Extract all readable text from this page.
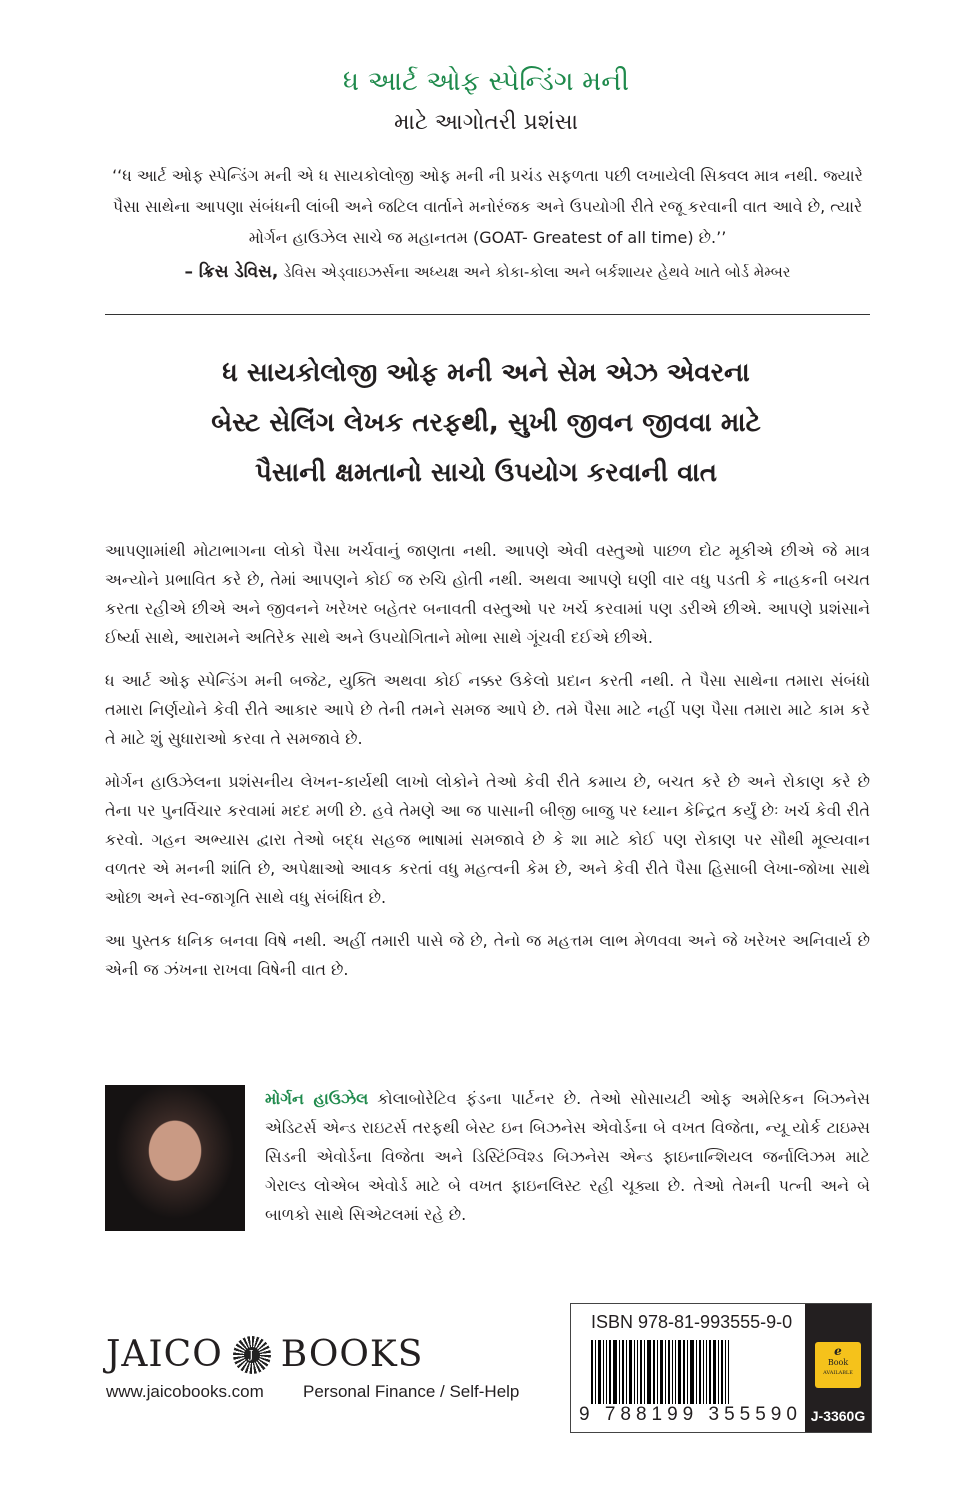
ધ આર્ટ ઓફ સ્પેન્ડિંગ મની
માટે આગોતરી પ્રશંસા
‘‘ધ આર્ટ ઓફ સ્પેન્ડિંગ મની એ ધ સાયકોલોજી ઓફ મની ની પ્રચંડ સફળતા પછી લખાયેલી સિક્વલ માત્ર નથી. જ્યારે પૈસા સાથેના આપણા સંબંધની લાંબી અને જટિલ વાર્તાને મનોરંજક અને ઉપયોગી રીતે રજૂ કરવાની વાત આવે છે, ત્યારે મોર્ગન હાઉઝેલ સાચે જ મહાનતમ (GOAT- Greatest of all time) છે.’’
– ક્રિસ ડેવિસ, ડેવિસ એડ્વાઇઝર્સના અધ્યક્ષ અને કોકા-કોલા અને બર્કશાયર હેથવે ખાતે બોર્ડ મેમ્બર
ધ સાયકોલોજી ઓફ મની અને સેમ એઝ એવરના
બેસ્ટ સેલિંગ લેખક તરફથી, સુખી જીવન જીવવા માટે
પૈસાની ક્ષમતાનો સાચો ઉપયોગ કરવાની વાત

આપણામાંથી મોટાભાગના લોકો પૈસા ખર્ચવાનું જાણતા નથી. આપણે એવી વસ્તુઓ પાછળ દોટ મૂકીએ છીએ જે માત્ર અન્યોને પ્રભાવિત કરે છે, તેમાં આપણને કોઈ જ રુચિ હોતી નથી. અથવા આપણે ઘણી વાર વધુ પડતી કે નાહકની બચત કરતા રહીએ છીએ અને જીવનને ખરેખર બહેતર બનાવતી વસ્તુઓ પર ખર્ચ કરવામાં પણ ડરીએ છીએ. આપણે પ્રશંસાને ઈર્ષ્યા સાથે, આરામને અતિરેક સાથે અને ઉપયોગિતાને મોભા સાથે ગૂંચવી દઈએ છીએ.

ધ આર્ટ ઓફ સ્પેન્ડિંગ મની બજેટ, યુક્તિ અથવા કોઈ નક્કર ઉકેલો પ્રદાન કરતી નથી. તે પૈસા સાથેના તમારા સંબંધો તમારા નિર્ણયોને કેવી રીતે આકાર આપે છે તેની તમને સમજ આપે છે. તમે પૈસા માટે નહીં પણ પૈસા તમારા માટે કામ કરે તે માટે શું સુધારાઓ કરવા તે સમજાવે છે.

મોર્ગન હાઉઝેલના પ્રશંસનીય લેખન-કાર્યથી લાખો લોકોને તેઓ કેવી રીતે કમાય છે, બચત કરે છે અને રોકાણ કરે છે તેના પર પુનર્વિચાર કરવામાં મદદ મળી છે. હવે તેમણે આ જ પાસાની બીજી બાજુ પર ધ્યાન કેન્દ્રિત કર્યું છેઃ ખર્ચ કેવી રીતે કરવો. ગહન અભ્યાસ દ્વારા તેઓ બદ્ધ સહજ ભાષામાં સમજાવે છે કે શા માટે કોઈ પણ રોકાણ પર સૌથી મૂલ્યવાન વળતર એ મનની શાંતિ છે, અપેક્ષાઓ આવક કરતાં વધુ મહત્વની કેમ છે, અને કેવી રીતે પૈસા હિસાબી લેખા-જોખા સાથે ઓછા અને સ્વ-જાગૃતિ સાથે વધુ સંબંધિત છે.

આ પુસ્તક ધનિક બનવા વિષે નથી. અહીં તમારી પાસે જે છે, તેનો જ મહત્તમ લાભ મેળવવા અને જે ખરેખર અનિવાર્ય છે એની જ ઝંખના રાખવા વિષેની વાત છે.

મોર્ગન હાઉઝેલ કોલાબોરેટિવ ફંડના પાર્ટનર છે. તેઓ સોસાયટી ઓફ અમેરિકન બિઝનેસ એડિટર્સ એન્ડ રાઇટર્સ તરફથી બેસ્ટ ઇન બિઝનેસ એવોર્ડના બે વખત વિજેતા, ન્યૂ યોર્ક ટાઇમ્સ સિડની એવોર્ડના વિજેતા અને ડિસ્ટિંગ્વિશ્ડ બિઝનેસ એન્ડ ફાઇનાન્શિયલ જર્નાલિઝમ માટે ગેરાલ્ડ લોએબ એવોર્ડ માટે બે વખત ફાઇનલિસ્ટ રહી ચૂક્યા છે. તેઓ તેમની પત્ની અને બે બાળકો સાથે સિએટલમાં રહે છે.
JAICO	J BOOKS
www.jaicobooks.com Personal Finance / Self-Help
ISBN 978-81-993555-9-0
9 788199 355590
e
Book
AVAILABLE
J-3360G
